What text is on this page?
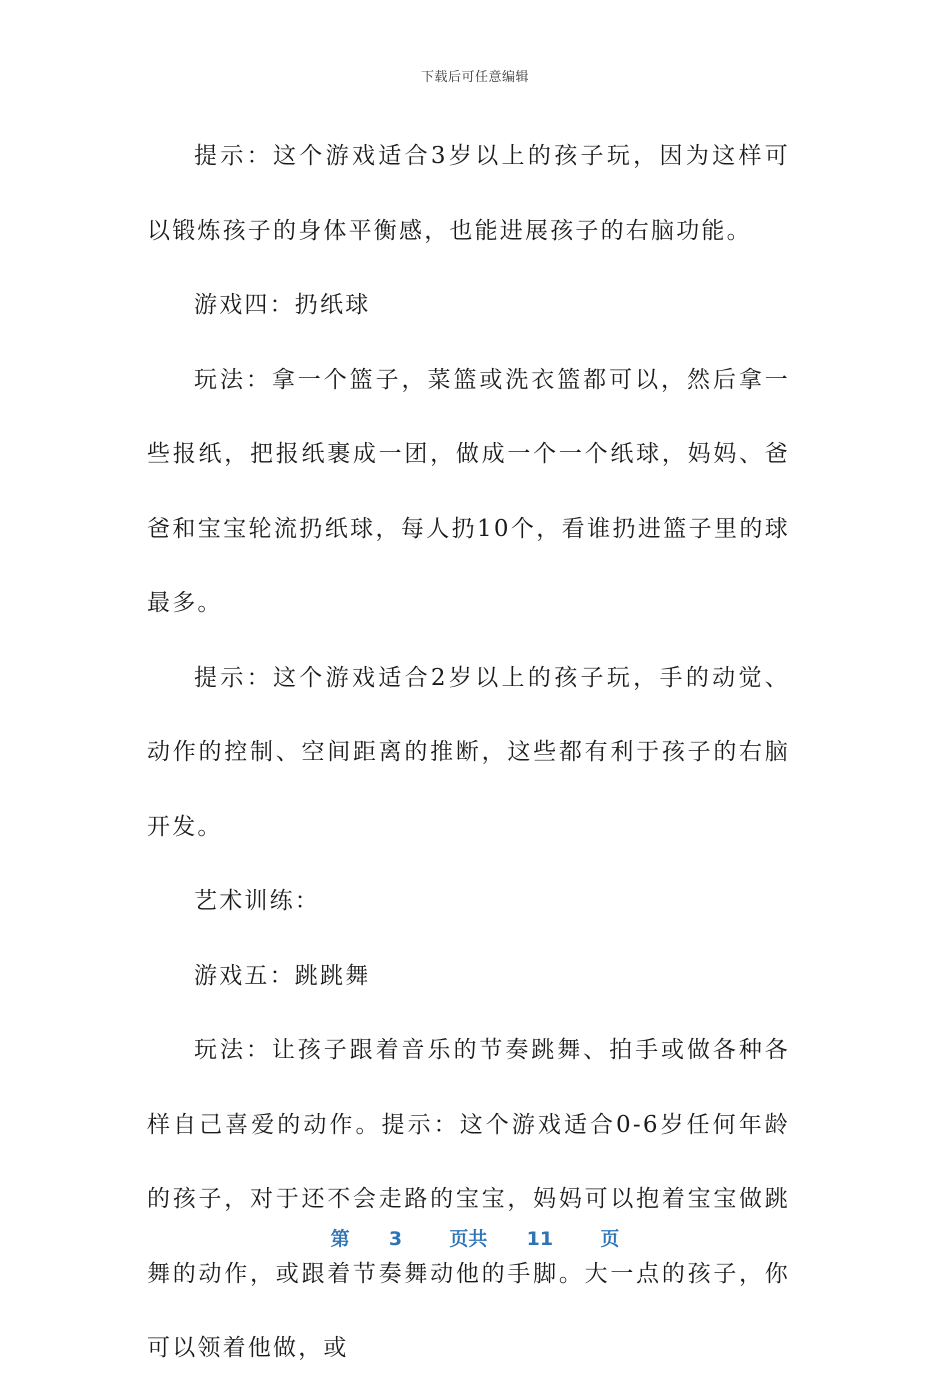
下载后可任意编辑

提示：这个游戏适合3岁以上的孩子玩，因为这样可以锻炼孩子的身体平衡感，也能进展孩子的右脑功能。

游戏四：扔纸球

玩法：拿一个篮子，菜篮或洗衣篮都可以，然后拿一些报纸，把报纸裹成一团，做成一个一个纸球，妈妈、爸爸和宝宝轮流扔纸球，每人扔10个，看谁扔进篮子里的球最多。

提示：这个游戏适合2岁以上的孩子玩，手的动觉、动作的控制、空间距离的推断，这些都有利于孩子的右脑开发。

艺术训练：

游戏五：跳跳舞

玩法：让孩子跟着音乐的节奏跳舞、拍手或做各种各样自己喜爱的动作。提示：这个游戏适合0-6岁任何年龄的孩子，对于还不会走路的宝宝，妈妈可以抱着宝宝做跳舞的动作，或跟着节奏舞动他的手脚。大一点的孩子，你可以领着他做，或

第 3 页共 11 页
